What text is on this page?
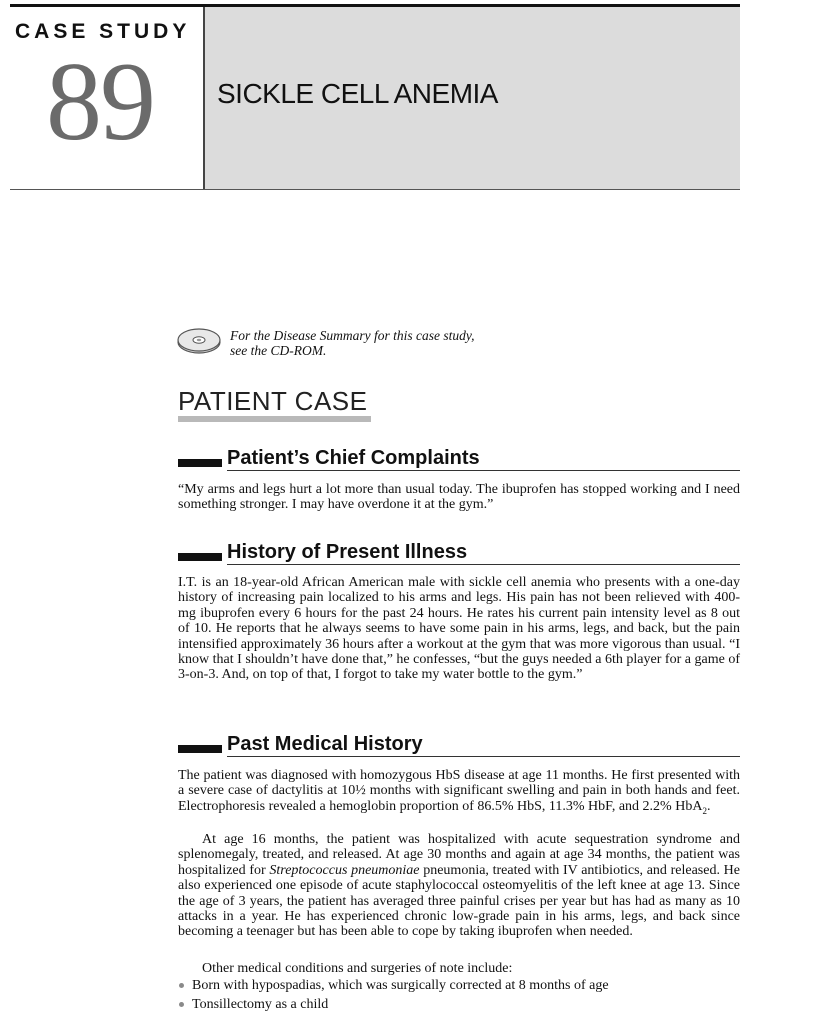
CASE STUDY
89 SICKLE CELL ANEMIA
For the Disease Summary for this case study,
see the CD-ROM.
PATIENT CASE
Patient’s Chief Complaints
“My arms and legs hurt a lot more than usual today. The ibuprofen has stopped working and I need something stronger. I may have overdone it at the gym.”
History of Present Illness
I.T. is an 18-year-old African American male with sickle cell anemia who presents with a one-day history of increasing pain localized to his arms and legs. His pain has not been relieved with 400-mg ibuprofen every 6 hours for the past 24 hours. He rates his current pain intensity level as 8 out of 10. He reports that he always seems to have some pain in his arms, legs, and back, but the pain intensified approximately 36 hours after a workout at the gym that was more vigorous than usual. “I know that I shouldn’t have done that,” he confesses, “but the guys needed a 6th player for a game of 3-on-3. And, on top of that, I forgot to take my water bottle to the gym.”
Past Medical History
The patient was diagnosed with homozygous HbS disease at age 11 months. He first presented with a severe case of dactylitis at 10½ months with significant swelling and pain in both hands and feet. Electrophoresis revealed a hemoglobin proportion of 86.5% HbS, 11.3% HbF, and 2.2% HbA$_2$.
At age 16 months, the patient was hospitalized with acute sequestration syndrome and splenomegaly, treated, and released. At age 30 months and again at age 34 months, the patient was hospitalized for Streptococcus pneumoniae pneumonia, treated with IV antibiotics, and released. He also experienced one episode of acute staphylococcal osteomyelitis of the left knee at age 13. Since the age of 3 years, the patient has averaged three painful crises per year but has had as many as 10 attacks in a year. He has experienced chronic low-grade pain in his arms, legs, and back since becoming a teenager but has been able to cope by taking ibuprofen when needed.
Other medical conditions and surgeries of note include:
Born with hypospadias, which was surgically corrected at 8 months of age
Tonsillectomy as a child
